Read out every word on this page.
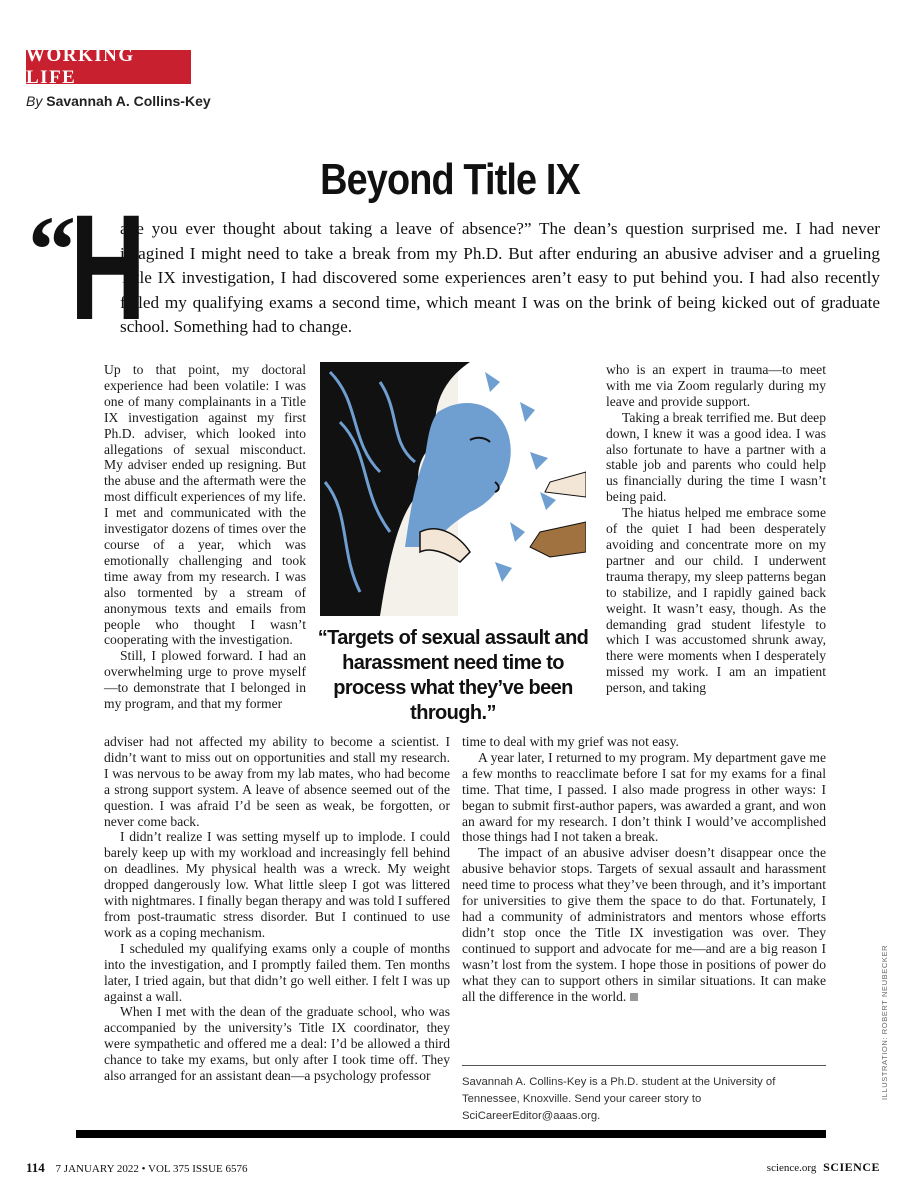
WORKING LIFE
By Savannah A. Collins-Key
Beyond Title IX
“
H
ave you ever thought about taking a leave of absence?” The dean’s question surprised me. I had never imagined I might need to take a break from my Ph.D. But after enduring an abusive adviser and a grueling Title IX investigation, I had discovered some experiences aren’t easy to put behind you. I had also recently failed my qualifying exams a second time, which meant I was on the brink of being kicked out of graduate school. Something had to change.

Up to that point, my doctoral experience had been volatile: I was one of many complainants in a Title IX investigation against my first Ph.D. adviser, which looked into allegations of sexual misconduct. My adviser ended up resigning. But the abuse and the aftermath were the most difficult experiences of my life. I met and communicated with the investigator dozens of times over the course of a year, which was emotionally challenging and took time away from my research. I was also tormented by a stream of anonymous texts and emails from people who thought I wasn’t cooperating with the investigation.

Still, I plowed forward. I had an overwhelming urge to prove myself—to demonstrate that I belonged in my program, and that my former

“Targets of sexual assault and harassment need time to process what they’ve been through.”

who is an expert in trauma—to meet with me via Zoom regularly during my leave and provide support.

Taking a break terrified me. But deep down, I knew it was a good idea. I was also fortunate to have a partner with a stable job and parents who could help us financially during the time I wasn’t being paid.

The hiatus helped me embrace some of the quiet I had been desperately avoiding and concentrate more on my partner and our child. I underwent trauma therapy, my sleep patterns began to stabilize, and I rapidly gained back weight. It wasn’t easy, though. As the demanding grad student lifestyle to which I was accustomed shrunk away, there were moments when I desperately missed my work. I am an impatient person, and taking

adviser had not affected my ability to become a scientist. I didn’t want to miss out on opportunities and stall my research. I was nervous to be away from my lab mates, who had become a strong support system. A leave of absence seemed out of the question. I was afraid I’d be seen as weak, be forgotten, or never come back.

I didn’t realize I was setting myself up to implode. I could barely keep up with my workload and increasingly fell behind on deadlines. My physical health was a wreck. My weight dropped dangerously low. What little sleep I got was littered with nightmares. I finally began therapy and was told I suffered from post-traumatic stress disorder. But I continued to use work as a coping mechanism.

I scheduled my qualifying exams only a couple of months into the investigation, and I promptly failed them. Ten months later, I tried again, but that didn’t go well either. I felt I was up against a wall.

When I met with the dean of the graduate school, who was accompanied by the university’s Title IX coordinator, they were sympathetic and offered me a deal: I’d be allowed a third chance to take my exams, but only after I took time off. They also arranged for an assistant dean—a psychology professor

time to deal with my grief was not easy.

A year later, I returned to my program. My department gave me a few months to reacclimate before I sat for my exams for a final time. That time, I passed. I also made progress in other ways: I began to submit first-author papers, was awarded a grant, and won an award for my research. I don’t think I would’ve accomplished those things had I not taken a break.

The impact of an abusive adviser doesn’t disappear once the abusive behavior stops. Targets of sexual assault and harassment need time to process what they’ve been through, and it’s important for universities to give them the space to do that. Fortunately, I had a community of administrators and mentors whose efforts didn’t stop once the Title IX investigation was over. They continued to support and advocate for me—and are a big reason I wasn’t lost from the system. I hope those in positions of power do what they can to support others in similar situations. It can make all the difference in the world.

Savannah A. Collins-Key is a Ph.D. student at the University of Tennessee, Knoxville. Send your career story to SciCareerEditor@aaas.org.
ILLUSTRATION: ROBERT NEUBECKER
114 7 JANUARY 2022 • VOL 375 ISSUE 6576	science.org SCIENCE
